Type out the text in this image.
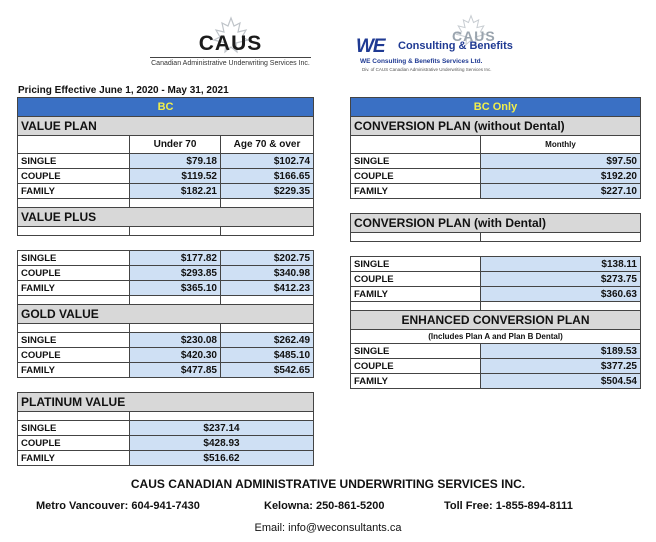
CAUS
Canadian Administrative Underwriting Services Inc.
CAUS
WE Consulting & Benefits
WE Consulting & Benefits Services Ltd.
Div. of CAUS Canadian Administrative Underwriting Services Inc.
Pricing Effective June 1, 2020 - May 31, 2021
BC		
VALUE PLAN		
	Under 70	Age 70 & over
SINGLE	$79.18	$102.74
COUPLE	$119.52	$166.65
FAMILY	$182.21	$229.35

VALUE PLUS		

SINGLE	$177.82	$202.75
COUPLE	$293.85	$340.98
FAMILY	$365.10	$412.23

GOLD VALUE		

SINGLE	$230.08	$262.49
COUPLE	$420.30	$485.10
FAMILY	$477.85	$542.65

PLATINUM VALUE		

SINGLE	$237.14	
COUPLE	$428.93	
FAMILY	$516.62	
BC Only	
CONVERSION PLAN (without Dental)	
	Monthly
SINGLE	$97.50
COUPLE	$192.20
FAMILY	$227.10

CONVERSION PLAN (with Dental)	

SINGLE	$138.11
COUPLE	$273.75
FAMILY	$360.63

ENHANCED CONVERSION PLAN	
(Includes Plan A and Plan B Dental)	
SINGLE	$189.53
COUPLE	$377.25
FAMILY	$504.54
CAUS CANADIAN ADMINISTRATIVE UNDERWRITING SERVICES INC.
Metro Vancouver: 604-941-7430	Kelowna: 250-861-5200	Toll Free: 1-855-894-8111
Email: info@weconsultants.ca
